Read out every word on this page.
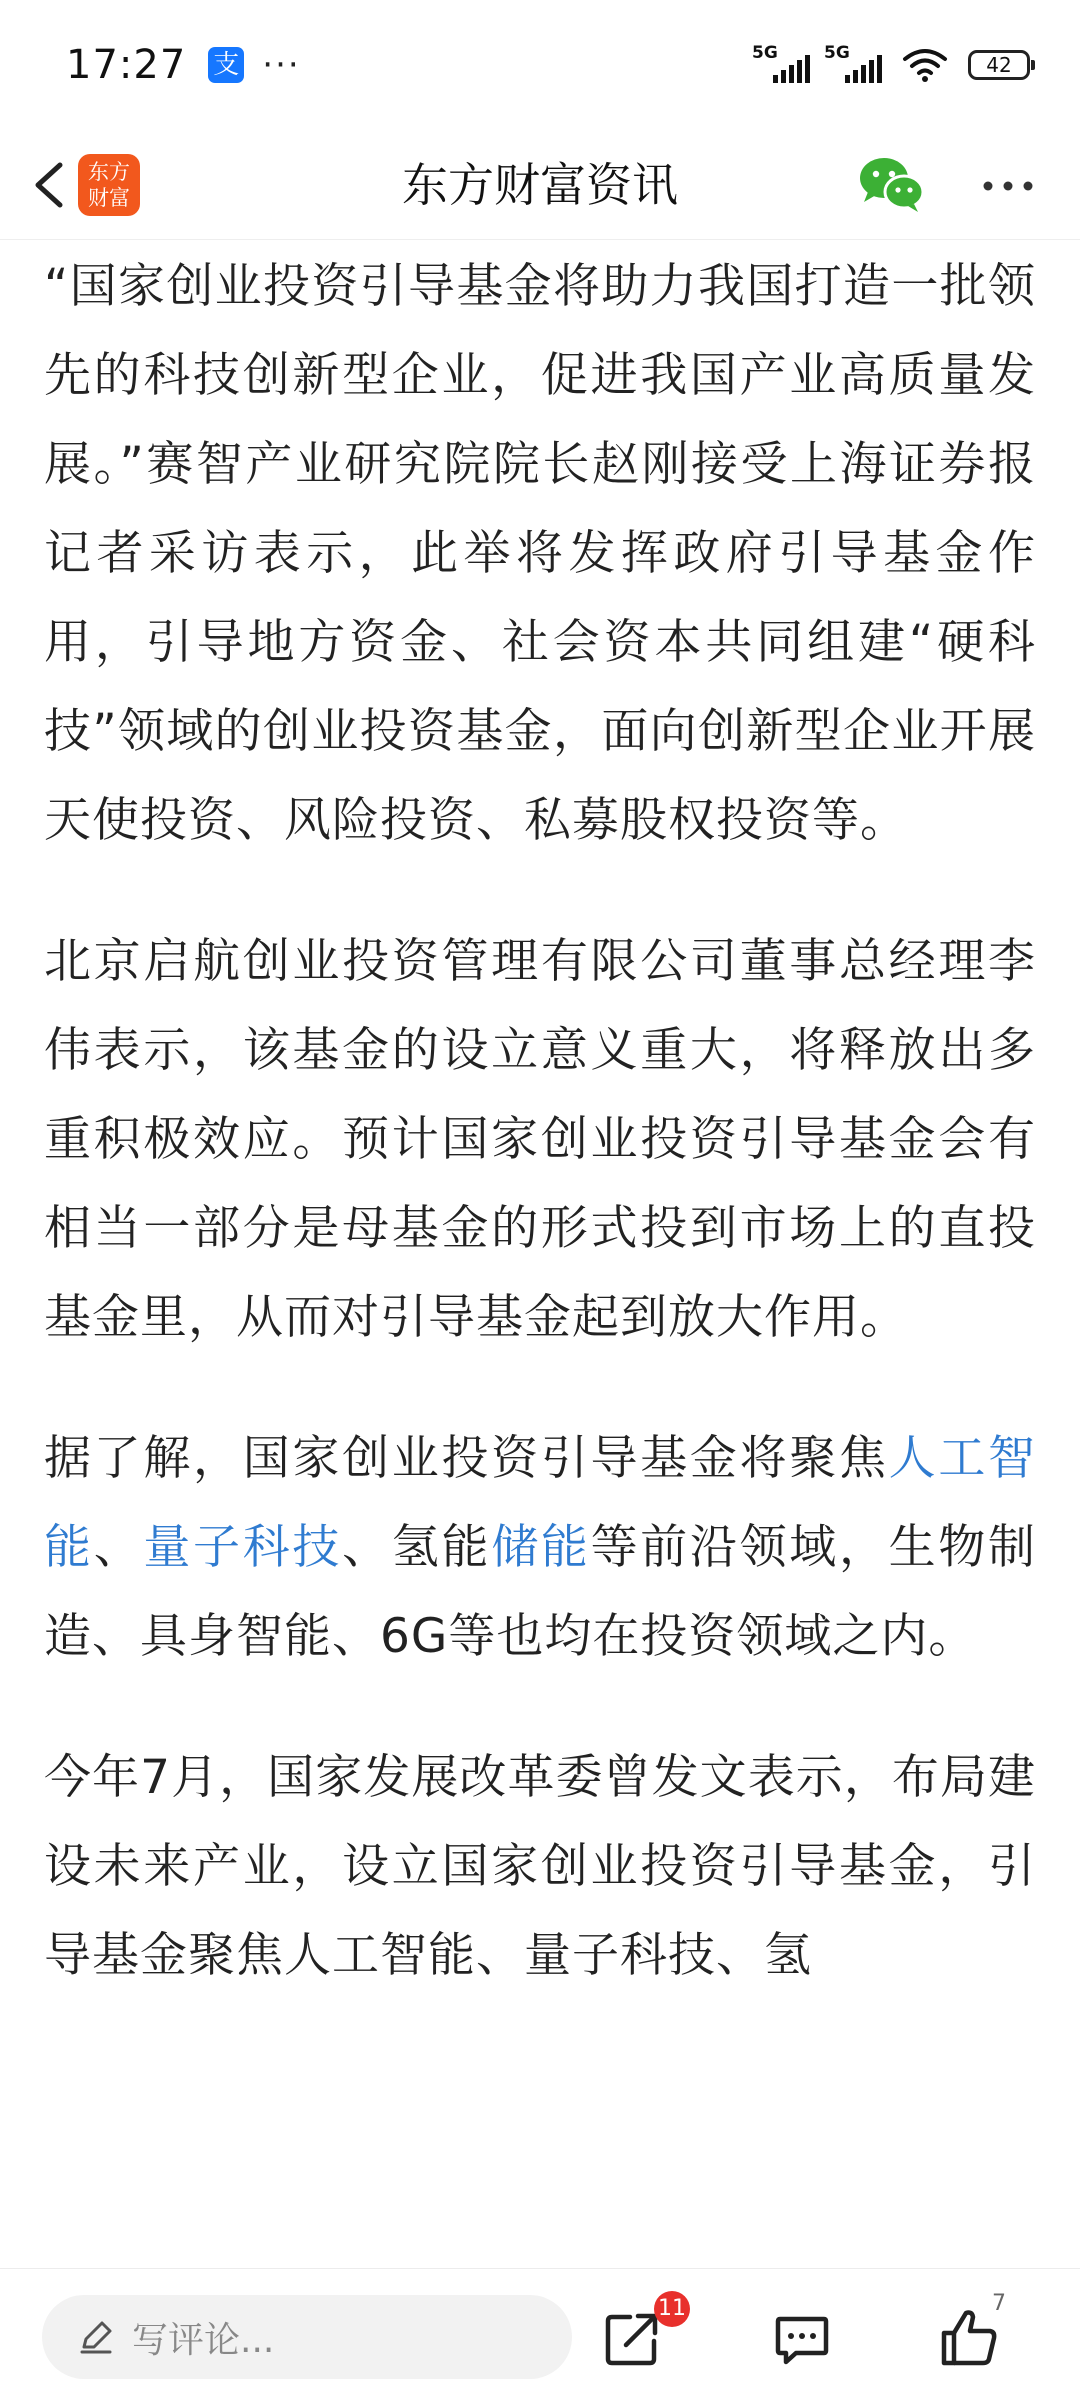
17:27 支 ···	5G	5G	42
东方
财富	东方财富资讯

“国家创业投资引导基金将助力我国打造一批领先的科技创新型企业，促进我国产业高质量发展。”赛智产业研究院院长赵刚接受上海证券报记者采访表示，此举将发挥政府引导基金作用，引导地方资金、社会资本共同组建“硬科技”领域的创业投资基金，面向创新型企业开展天使投资、风险投资、私募股权投资等。

北京启航创业投资管理有限公司董事总经理李伟表示，该基金的设立意义重大，将释放出多重积极效应。预计国家创业投资引导基金会有相当一部分是母基金的形式投到市场上的直投基金里，从而对引导基金起到放大作用。

据了解，国家创业投资引导基金将聚焦人工智能、量子科技、氢能储能等前沿领域，生物制造、具身智能、6G等也均在投资领域之内。

今年7月，国家发展改革委曾发文表示，布局建设未来产业，设立国家创业投资引导基金，引导基金聚焦人工智能、量子科技、氢

写评论...
11	7
